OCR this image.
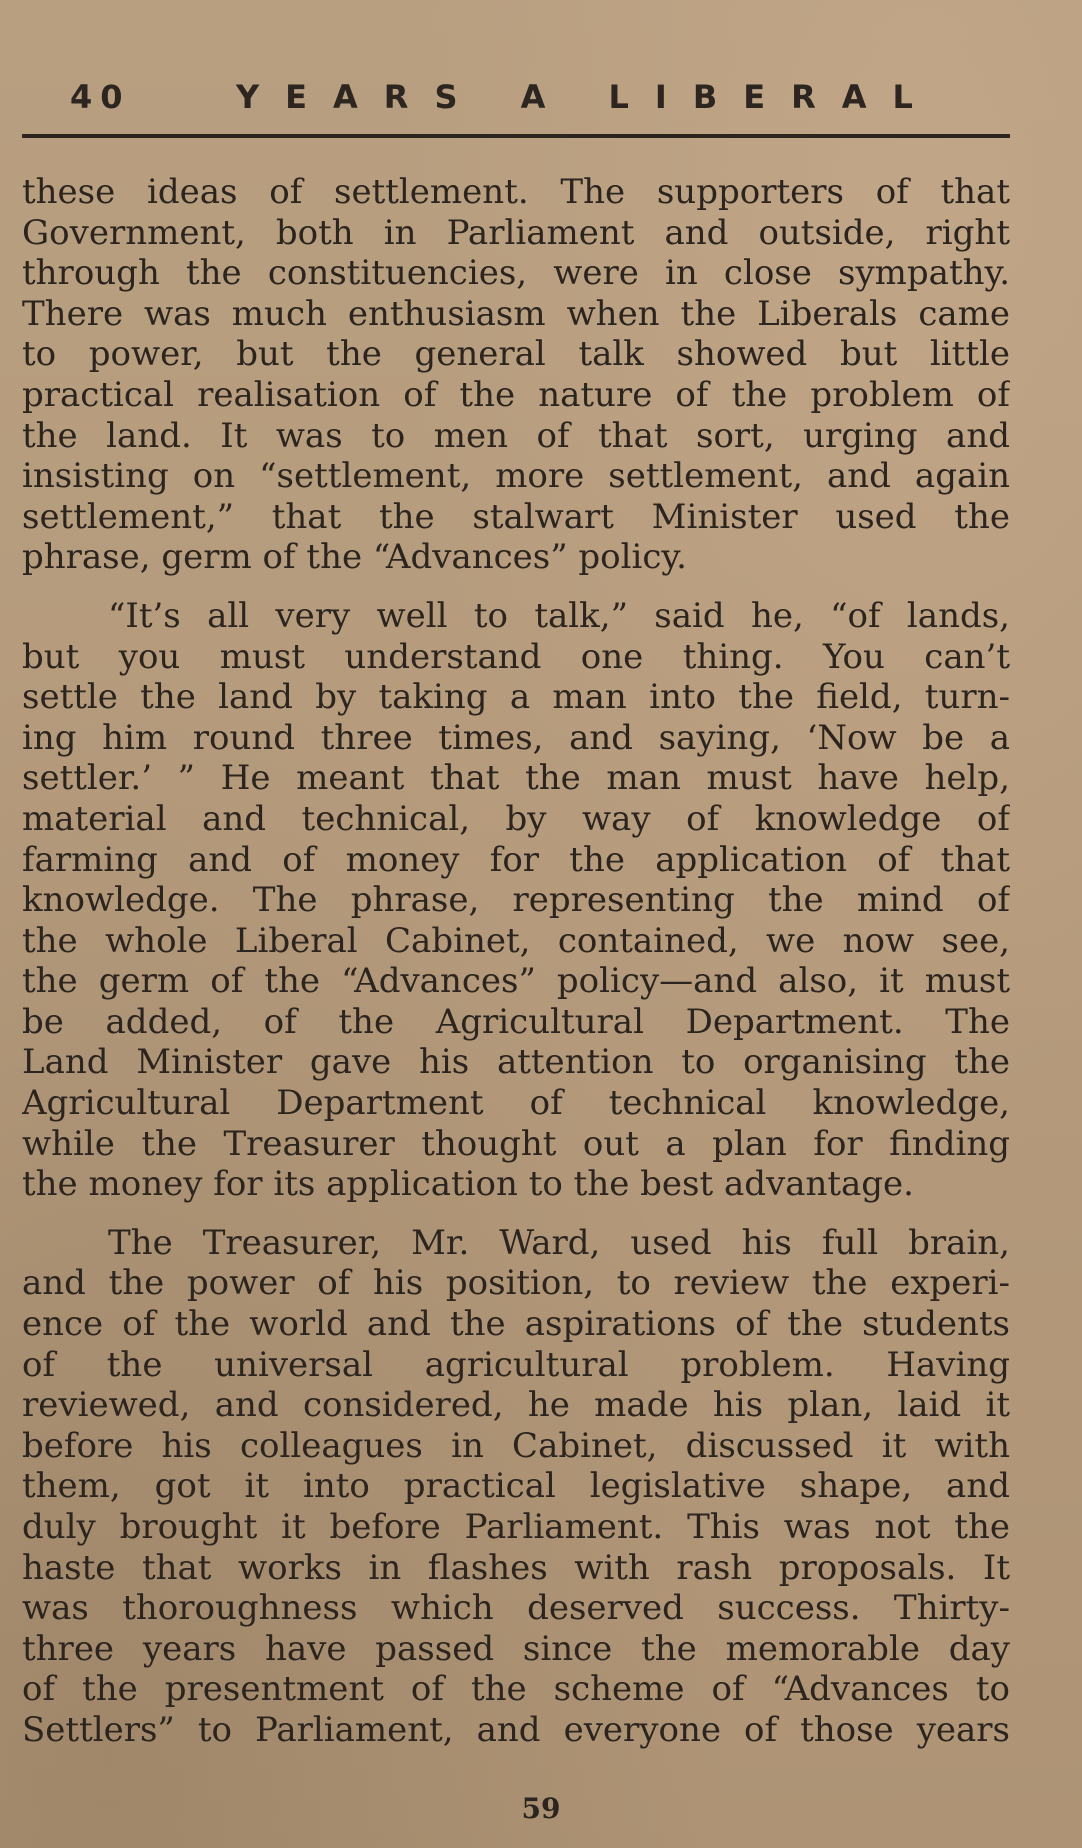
40	YEARS A LIBERAL
these ideas of settlement. The supporters of that
Government, both in Parliament and outside, right
through the constituencies, were in close sympathy.
There was much enthusiasm when the Liberals came
to power, but the general talk showed but little
practical realisation of the nature of the problem of
the land. It was to men of that sort, urging and
insisting on “settlement, more settlement, and again
settlement,” that the stalwart Minister used the
phrase, germ of the “Advances” policy.
“It’s all very well to talk,” said he, “of lands,
but you must understand one thing. You can’t
settle the land by taking a man into the field, turn-
ing him round three times, and saying, ‘Now be a
settler.’ ” He meant that the man must have help,
material and technical, by way of knowledge of
farming and of money for the application of that
knowledge. The phrase, representing the mind of
the whole Liberal Cabinet, contained, we now see,
the germ of the “Advances” policy—and also, it must
be added, of the Agricultural Department. The
Land Minister gave his attention to organising the
Agricultural Department of technical knowledge,
while the Treasurer thought out a plan for finding
the money for its application to the best advantage.
The Treasurer, Mr. Ward, used his full brain,
and the power of his position, to review the experi-
ence of the world and the aspirations of the students
of the universal agricultural problem. Having
reviewed, and considered, he made his plan, laid it
before his colleagues in Cabinet, discussed it with
them, got it into practical legislative shape, and
duly brought it before Parliament. This was not the
haste that works in flashes with rash proposals. It
was thoroughness which deserved success. Thirty-
three years have passed since the memorable day
of the presentment of the scheme of “Advances to
Settlers” to Parliament, and everyone of those years
59
